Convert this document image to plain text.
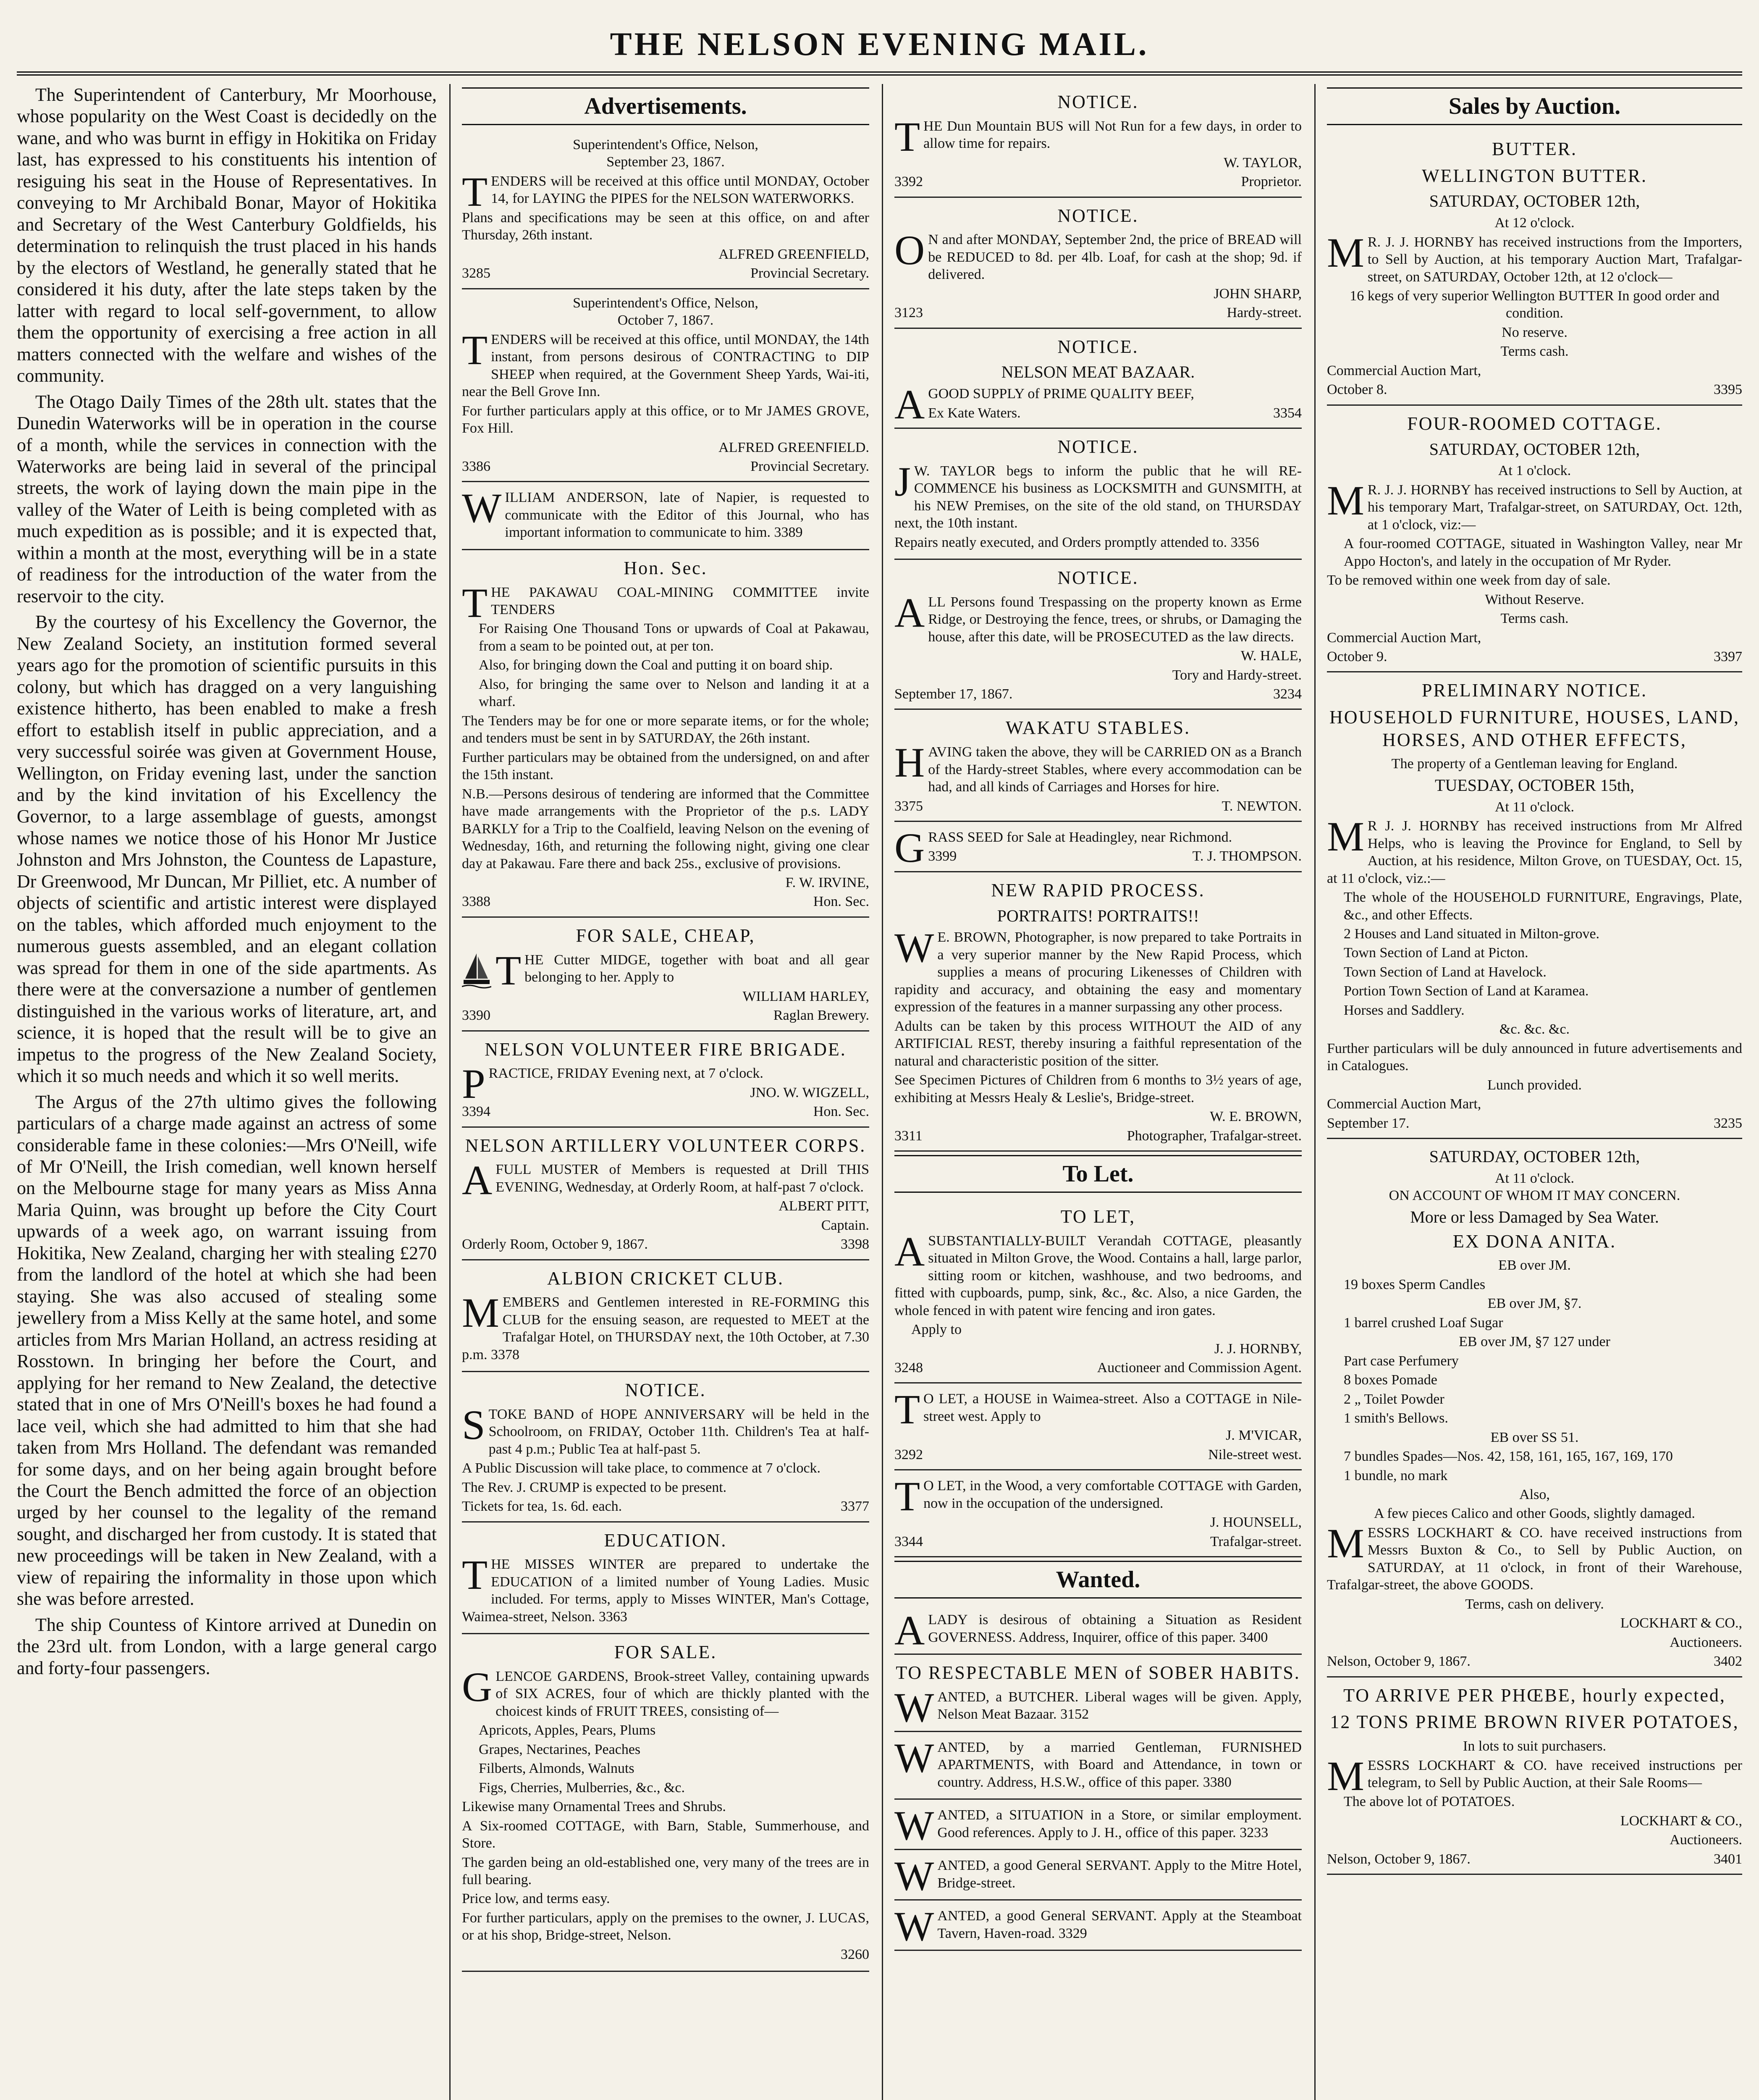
THE NELSON EVENING MAIL.

The Superintendent of Canterbury, Mr Moorhouse, whose popularity on the West Coast is decidedly on the wane, and who was burnt in effigy in Hokitika on Friday last, has expressed to his constituents his intention of resiguing his seat in the House of Representatives. In conveying to Mr Archibald Bonar, Mayor of Hokitika and Secretary of the West Canterbury Goldfields, his determination to relinquish the trust placed in his hands by the electors of Westland, he generally stated that he considered it his duty, after the late steps taken by the latter with regard to local self-government, to allow them the opportunity of exercising a free action in all matters connected with the welfare and wishes of the community.

The Otago Daily Times of the 28th ult. states that the Dunedin Waterworks will be in operation in the course of a month, while the services in connection with the Waterworks are being laid in several of the principal streets, the work of laying down the main pipe in the valley of the Water of Leith is being completed with as much expedition as is possible; and it is expected that, within a month at the most, everything will be in a state of readiness for the introduction of the water from the reservoir to the city.

By the courtesy of his Excellency the Governor, the New Zealand Society, an institution formed several years ago for the promotion of scientific pursuits in this colony, but which has dragged on a very languishing existence hitherto, has been enabled to make a fresh effort to establish itself in public appreciation, and a very successful soirée was given at Government House, Wellington, on Friday evening last, under the sanction and by the kind invitation of his Excellency the Governor, to a large assemblage of guests, amongst whose names we notice those of his Honor Mr Justice Johnston and Mrs Johnston, the Countess de Lapasture, Dr Greenwood, Mr Duncan, Mr Pilliet, etc. A number of objects of scientific and artistic interest were displayed on the tables, which afforded much enjoyment to the numerous guests assembled, and an elegant collation was spread for them in one of the side apartments. As there were at the conversazione a number of gentlemen distinguished in the various works of literature, art, and science, it is hoped that the result will be to give an impetus to the progress of the New Zealand Society, which it so much needs and which it so well merits.

The Argus of the 27th ultimo gives the following particulars of a charge made against an actress of some considerable fame in these colonies:—Mrs O'Neill, wife of Mr O'Neill, the Irish comedian, well known herself on the Melbourne stage for many years as Miss Anna Maria Quinn, was brought up before the City Court upwards of a week ago, on warrant issuing from Hokitika, New Zealand, charging her with stealing £270 from the landlord of the hotel at which she had been staying. She was also accused of stealing some jewellery from a Miss Kelly at the same hotel, and some articles from Mrs Marian Holland, an actress residing at Rosstown. In bringing her before the Court, and applying for her remand to New Zealand, the detective stated that in one of Mrs O'Neill's boxes he had found a lace veil, which she had admitted to him that she had taken from Mrs Holland. The defendant was remanded for some days, and on her being again brought before the Court the Bench admitted the force of an objection urged by her counsel to the legality of the remand sought, and discharged her from custody. It is stated that new proceedings will be taken in New Zealand, with a view of repairing the informality in those upon which she was before arrested.

The ship Countess of Kintore arrived at Dunedin on the 23rd ult. from London, with a large general cargo and forty-four passengers.

Advertisements.
Superintendent's Office, Nelson,
September 23, 1867.

TENDERS will be received at this office until MONDAY, October 14, for LAYING the PIPES for the NELSON WATERWORKS.

Plans and specifications may be seen at this office, on and after Thursday, 26th instant.

ALFRED GREENFIELD,
3285	Provincial Secretary.
Superintendent's Office, Nelson,
October 7, 1867.

TENDERS will be received at this office, until MONDAY, the 14th instant, from persons desirous of CONTRACTING to DIP SHEEP when required, at the Government Sheep Yards, Wai-iti, near the Bell Grove Inn.

For further particulars apply at this office, or to Mr JAMES GROVE, Fox Hill.

ALFRED GREENFIELD.
3386	Provincial Secretary.

WILLIAM ANDERSON, late of Napier, is requested to communicate with the Editor of this Journal, who has important information to communicate to him. 3389

Hon. Sec.

THE PAKAWAU COAL-MINING COMMITTEE invite TENDERS

For Raising One Thousand Tons or upwards of Coal at Pakawau, from a seam to be pointed out, at per ton.

Also, for bringing down the Coal and putting it on board ship.

Also, for bringing the same over to Nelson and landing it at a wharf.

The Tenders may be for one or more separate items, or for the whole; and tenders must be sent in by SATURDAY, the 26th instant.

Further particulars may be obtained from the undersigned, on and after the 15th instant.

N.B.—Persons desirous of tendering are informed that the Committee have made arrangements with the Proprietor of the p.s. LADY BARKLY for a Trip to the Coalfield, leaving Nelson on the evening of Wednesday, 16th, and returning the following night, giving one clear day at Pakawau. Fare there and back 25s., exclusive of provisions.

F. W. IRVINE,
3388	Hon. Sec.
FOR SALE, CHEAP,

THE Cutter MIDGE, together with boat and all gear belonging to her. Apply to

WILLIAM HARLEY,
3390	Raglan Brewery.
NELSON VOLUNTEER FIRE BRIGADE.

PRACTICE, FRIDAY Evening next, at 7 o'clock.

JNO. W. WIGZELL,
3394	Hon. Sec.
NELSON ARTILLERY VOLUNTEER CORPS.

AFULL MUSTER of Members is requested at Drill THIS EVENING, Wednesday, at Orderly Room, at half-past 7 o'clock.

ALBERT PITT,
Captain.
Orderly Room, October 9, 1867.	3398
ALBION CRICKET CLUB.

MEMBERS and Gentlemen interested in RE-FORMING this CLUB for the ensuing season, are requested to MEET at the Trafalgar Hotel, on THURSDAY next, the 10th October, at 7.30 p.m. 3378

NOTICE.

STOKE BAND of HOPE ANNIVERSARY will be held in the Schoolroom, on FRIDAY, October 11th. Children's Tea at half-past 4 p.m.; Public Tea at half-past 5.

A Public Discussion will take place, to commence at 7 o'clock.

The Rev. J. CRUMP is expected to be present.

Tickets for tea, 1s. 6d. each.	3377
EDUCATION.

THE MISSES WINTER are prepared to undertake the EDUCATION of a limited number of Young Ladies. Music included. For terms, apply to Misses WINTER, Man's Cottage, Waimea-street, Nelson. 3363

FOR SALE.

GLENCOE GARDENS, Brook-street Valley, containing upwards of SIX ACRES, four of which are thickly planted with the choicest kinds of FRUIT TREES, consisting of—

Apricots, Apples, Pears, Plums

Grapes, Nectarines, Peaches

Filberts, Almonds, Walnuts

Figs, Cherries, Mulberries, &c., &c.

Likewise many Ornamental Trees and Shrubs.

A Six-roomed COTTAGE, with Barn, Stable, Summerhouse, and Store.

The garden being an old-established one, very many of the trees are in full bearing.

Price low, and terms easy.

For further particulars, apply on the premises to the owner, J. LUCAS, or at his shop, Bridge-street, Nelson.

3260
NOTICE.

THE Dun Mountain BUS will Not Run for a few days, in order to allow time for repairs.

W. TAYLOR,
3392	Proprietor.
NOTICE.

O N and after MONDAY, September 2nd, the price of BREAD will be REDUCED to 8d. per 4lb. Loaf, for cash at the shop; 9d. if delivered.

JOHN SHARP,
3123	Hardy-street.
NOTICE.
NELSON MEAT BAZAAR.

AGOOD SUPPLY of PRIME QUALITY BEEF,

Ex Kate Waters.	3354
NOTICE.

J W. TAYLOR begs to inform the public that he will RE-COMMENCE his business as LOCKSMITH and GUNSMITH, at his NEW Premises, on the site of the old stand, on THURSDAY next, the 10th instant.

Repairs neatly executed, and Orders promptly attended to. 3356

NOTICE.

ALL Persons found Trespassing on the property known as Erme Ridge, or Destroying the fence, trees, or shrubs, or Damaging the house, after this date, will be PROSECUTED as the law directs.

W. HALE,
Tory and Hardy-street.
September 17, 1867.	3234
WAKATU STABLES.

HAVING taken the above, they will be CARRIED ON as a Branch of the Hardy-street Stables, where every accommodation can be had, and all kinds of Carriages and Horses for hire.

3375	T. NEWTON.

GRASS SEED for Sale at Headingley, near Richmond.

3399	T. J. THOMPSON.
NEW RAPID PROCESS.
PORTRAITS! PORTRAITS!!

W E. BROWN, Photographer, is now prepared to take Portraits in a very superior manner by the New Rapid Process, which supplies a means of procuring Likenesses of Children with rapidity and accuracy, and obtaining the easy and momentary expression of the features in a manner surpassing any other process.

Adults can be taken by this process WITHOUT the AID of any ARTIFICIAL REST, thereby insuring a faithful representation of the natural and characteristic position of the sitter.

See Specimen Pictures of Children from 6 months to 3½ years of age, exhibiting at Messrs Healy & Leslie's, Bridge-street.

W. E. BROWN,
3311	Photographer, Trafalgar-street.
To Let.
TO LET,

ASUBSTANTIALLY-BUILT Verandah COTTAGE, pleasantly situated in Milton Grove, the Wood. Contains a hall, large parlor, sitting room or kitchen, washhouse, and two bedrooms, and fitted with cupboards, pump, sink, &c., &c. Also, a nice Garden, the whole fenced in with patent wire fencing and iron gates.

Apply to

J. J. HORNBY,
3248	Auctioneer and Commission Agent.

T O LET, a HOUSE in Waimea-street. Also a COTTAGE in Nile-street west. Apply to

J. M'VICAR,
3292	Nile-street west.

T O LET, in the Wood, a very comfortable COTTAGE with Garden, now in the occupation of the undersigned.

J. HOUNSELL,
3344	Trafalgar-street.
Wanted.

ALADY is desirous of obtaining a Situation as Resident GOVERNESS. Address, Inquirer, office of this paper. 3400

TO RESPECTABLE MEN of SOBER HABITS.

WANTED, a BUTCHER. Liberal wages will be given. Apply, Nelson Meat Bazaar. 3152

WANTED, by a married Gentleman, FURNISHED APARTMENTS, with Board and Attendance, in town or country. Address, H.S.W., office of this paper. 3380

WANTED, a SITUATION in a Store, or similar employment. Good references. Apply to J. H., office of this paper. 3233

WANTED, a good General SERVANT. Apply to the Mitre Hotel, Bridge-street.

WANTED, a good General SERVANT. Apply at the Steamboat Tavern, Haven-road. 3329

Sales by Auction.
BUTTER.
WELLINGTON BUTTER.
SATURDAY, OCTOBER 12th,
At 12 o'clock.

M R. J. J. HORNBY has received instructions from the Importers, to Sell by Auction, at his temporary Auction Mart, Trafalgar-street, on SATURDAY, October 12th, at 12 o'clock—

16 kegs of very superior Wellington BUTTER In good order and condition.

No reserve.

Terms cash.

Commercial Auction Mart,

October 8.	3395
FOUR-ROOMED COTTAGE.
SATURDAY, OCTOBER 12th,
At 1 o'clock.

M R. J. J. HORNBY has received instructions to Sell by Auction, at his temporary Mart, Trafalgar-street, on SATURDAY, Oct. 12th, at 1 o'clock, viz:—

A four-roomed COTTAGE, situated in Washington Valley, near Mr Appo Hocton's, and lately in the occupation of Mr Ryder.

To be removed within one week from day of sale.

Without Reserve.

Terms cash.

Commercial Auction Mart,

October 9.	3397
PRELIMINARY NOTICE.
HOUSEHOLD FURNITURE, HOUSES, LAND, HORSES, AND OTHER EFFECTS,
The property of a Gentleman leaving for England.
TUESDAY, OCTOBER 15th,
At 11 o'clock.

M R J. J. HORNBY has received instructions from Mr Alfred Helps, who is leaving the Province for England, to Sell by Auction, at his residence, Milton Grove, on TUESDAY, Oct. 15, at 11 o'clock, viz.:—

The whole of the HOUSEHOLD FURNITURE, Engravings, Plate, &c., and other Effects.

2 Houses and Land situated in Milton-grove.

Town Section of Land at Picton.

Town Section of Land at Havelock.

Portion Town Section of Land at Karamea.

Horses and Saddlery.

&c. &c. &c.

Further particulars will be duly announced in future advertisements and in Catalogues.

Lunch provided.

Commercial Auction Mart,

September 17.	3235
SATURDAY, OCTOBER 12th,
At 11 o'clock.
ON ACCOUNT OF WHOM IT MAY CONCERN.
More or less Damaged by Sea Water.
EX DONA ANITA.

EB over JM.

19 boxes Sperm Candles

EB over JM, §7.

1 barrel crushed Loaf Sugar

EB over JM, §7 127 under

Part case Perfumery

8 boxes Pomade

2 „ Toilet Powder

1 smith's Bellows.

EB over SS 51.

7 bundles Spades—Nos. 42, 158, 161, 165, 167, 169, 170

1 bundle, no mark

Also,

A few pieces Calico and other Goods, slightly damaged.

MESSRS LOCKHART & CO. have received instructions from Messrs Buxton & Co., to Sell by Public Auction, on SATURDAY, at 11 o'clock, in front of their Warehouse, Trafalgar-street, the above GOODS.

Terms, cash on delivery.

LOCKHART & CO.,
Auctioneers.
Nelson, October 9, 1867.	3402
TO ARRIVE PER PHŒBE, hourly expected,
12 TONS PRIME BROWN RIVER POTATOES,
In lots to suit purchasers.

MESSRS LOCKHART & CO. have received instructions per telegram, to Sell by Public Auction, at their Sale Rooms—

The above lot of POTATOES.

LOCKHART & CO.,
Auctioneers.
Nelson, October 9, 1867.	3401
